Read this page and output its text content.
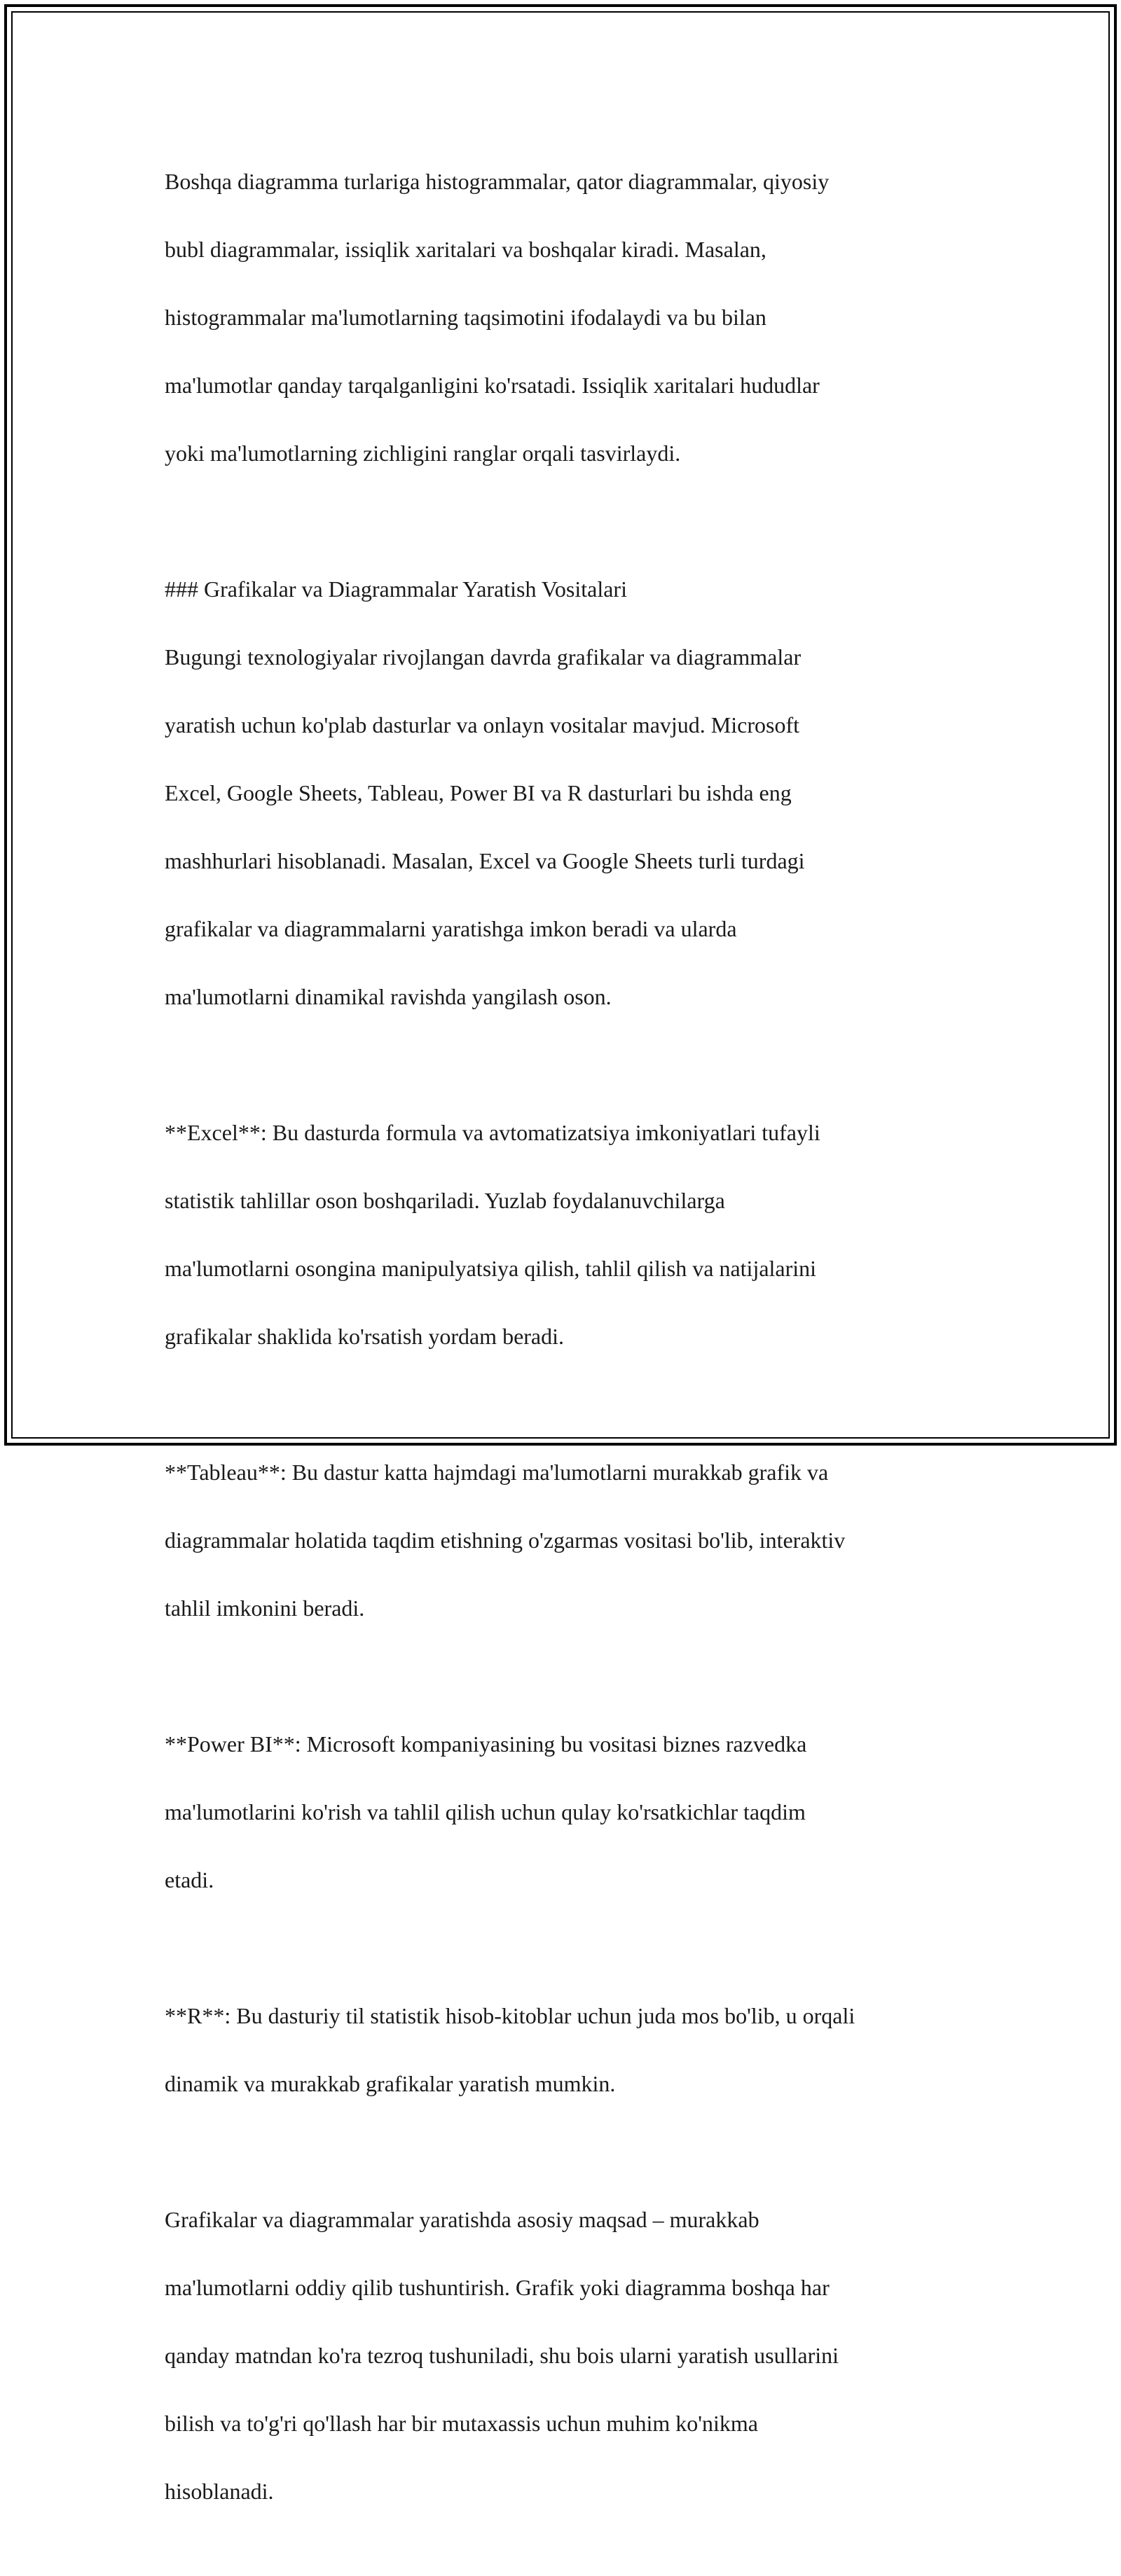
Boshqa diagramma turlariga histogrammalar, qator diagrammalar, qiyosiy

bubl diagrammalar, issiqlik xaritalari va boshqalar kiradi. Masalan,

histogrammalar ma'lumotlarning taqsimotini ifodalaydi va bu bilan

ma'lumotlar qanday tarqalganligini ko'rsatadi. Issiqlik xaritalari hududlar

yoki ma'lumotlarning zichligini ranglar orqali tasvirlaydi.

### Grafikalar va Diagrammalar Yaratish Vositalari

Bugungi texnologiyalar rivojlangan davrda grafikalar va diagrammalar

yaratish uchun ko'plab dasturlar va onlayn vositalar mavjud. Microsoft

Excel, Google Sheets, Tableau, Power BI va R dasturlari bu ishda eng

mashhurlari hisoblanadi. Masalan, Excel va Google Sheets turli turdagi

grafikalar va diagrammalarni yaratishga imkon beradi va ularda

ma'lumotlarni dinamikal ravishda yangilash oson.

**Excel**: Bu dasturda formula va avtomatizatsiya imkoniyatlari tufayli

statistik tahlillar oson boshqariladi. Yuzlab foydalanuvchilarga

ma'lumotlarni osongina manipulyatsiya qilish, tahlil qilish va natijalarini

grafikalar shaklida ko'rsatish yordam beradi.

**Tableau**: Bu dastur katta hajmdagi ma'lumotlarni murakkab grafik va

diagrammalar holatida taqdim etishning o'zgarmas vositasi bo'lib, interaktiv

tahlil imkonini beradi.

**Power BI**: Microsoft kompaniyasining bu vositasi biznes razvedka

ma'lumotlarini ko'rish va tahlil qilish uchun qulay ko'rsatkichlar taqdim

etadi.

**R**: Bu dasturiy til statistik hisob-kitoblar uchun juda mos bo'lib, u orqali

dinamik va murakkab grafikalar yaratish mumkin.

Grafikalar va diagrammalar yaratishda asosiy maqsad – murakkab

ma'lumotlarni oddiy qilib tushuntirish. Grafik yoki diagramma boshqa har

qanday matndan ko'ra tezroq tushuniladi, shu bois ularni yaratish usullarini

bilish va to'g'ri qo'llash har bir mutaxassis uchun muhim ko'nikma

hisoblanadi.
